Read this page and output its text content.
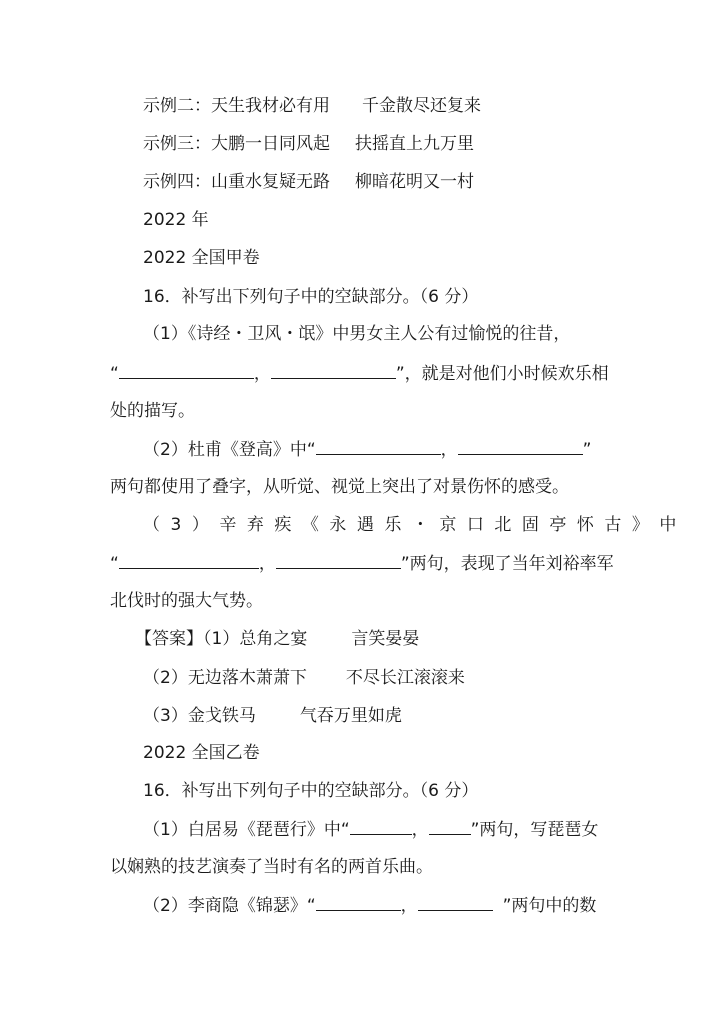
示例二：天生我材必有用 千金散尽还复来
示例三：大鹏一日同风起 扶摇直上九万里
示例四：山重水复疑无路 柳暗花明又一村
2022 年
2022 全国甲卷
16．补写出下列句子中的空缺部分。（6 分）
（1）《诗经・卫风・氓》中男女主人公有过愉悦的往昔，
“	，	”，就是对他们小时候欢乐相
处的描写。
（2）杜甫《登高》中“	，	”
两句都使用了叠字，从听觉、视觉上突出了对景伤怀的感受。
（3）辛弃疾《永遇乐・京口北固亭怀古》中
“	，	”两句，表现了当年刘裕率军
北伐时的强大气势。
【答案】（1）总角之宴	言笑晏晏
（2）无边落木萧萧下 不尽长江滚滚来
（3）金戈铁马	气吞万里如虎
2022 全国乙卷
16．补写出下列句子中的空缺部分。（6 分）
（1）白居易《琵琶行》中“	， ”两句，写琵琶女
以娴熟的技艺演奏了当时有名的两首乐曲。
（2）李商隐《锦瑟》“	，	”两句中的数
